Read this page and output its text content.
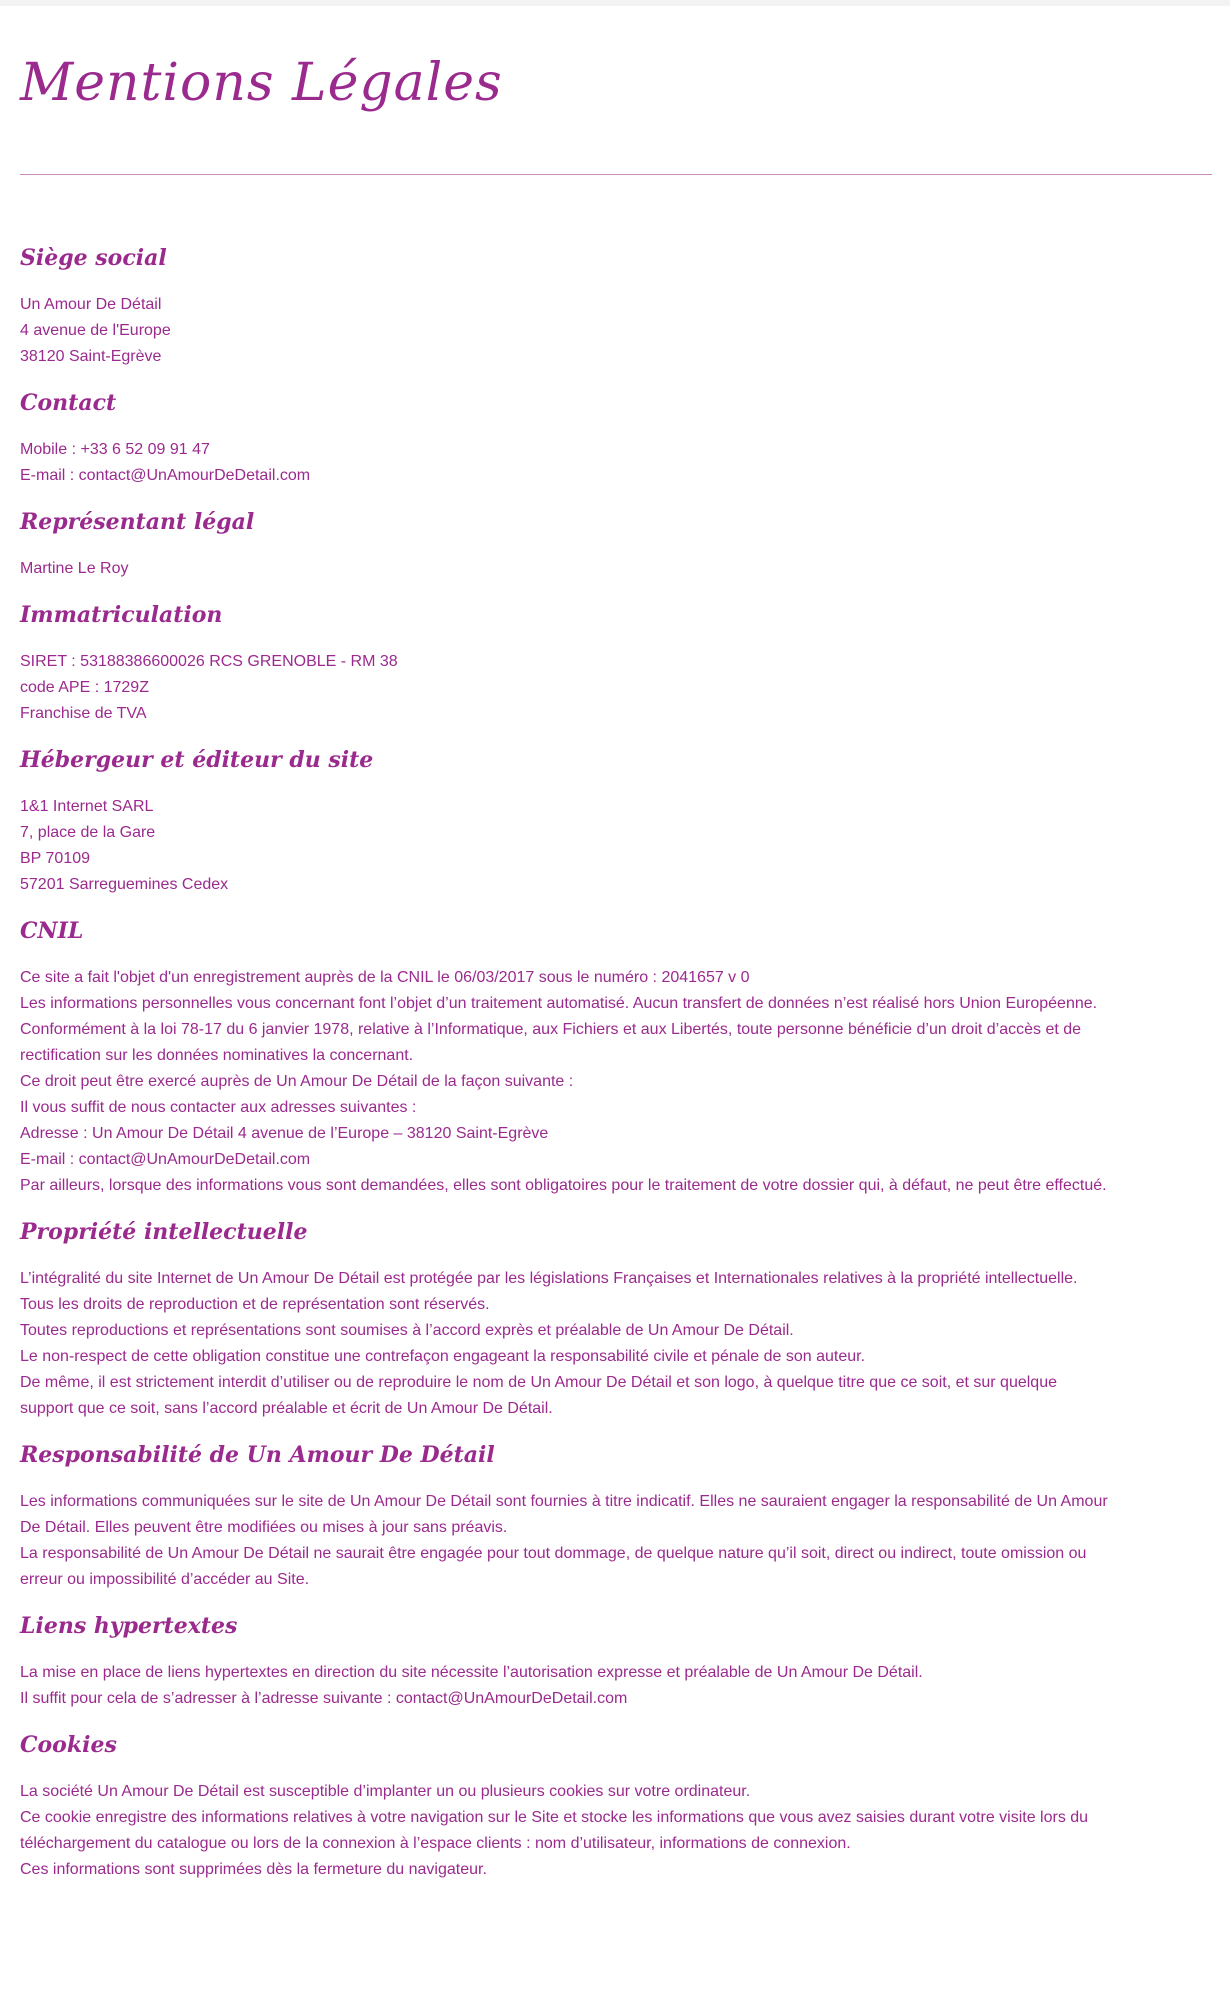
Mentions Légales
Siège social
Un Amour De Détail
4 avenue de l'Europe
38120 Saint-Egrève
Contact
Mobile : +33 6 52 09 91 47
E-mail : contact@UnAmourDeDetail.com
Représentant légal
Martine Le Roy
Immatriculation
SIRET : 53188386600026 RCS GRENOBLE - RM 38
code APE : 1729Z
Franchise de TVA
Hébergeur et éditeur du site
1&1 Internet SARL
7, place de la Gare
BP 70109
57201 Sarreguemines Cedex
CNIL
Ce site a fait l'objet d'un enregistrement auprès de la CNIL le 06/03/2017 sous le numéro : 2041657 v 0
Les informations personnelles vous concernant font l’objet d’un traitement automatisé. Aucun transfert de données n’est réalisé hors Union Européenne.
Conformément à la loi 78-17 du 6 janvier 1978, relative à l’Informatique, aux Fichiers et aux Libertés, toute personne bénéficie d’un droit d’accès et de
rectification sur les données nominatives la concernant.
Ce droit peut être exercé auprès de Un Amour De Détail de la façon suivante :
Il vous suffit de nous contacter aux adresses suivantes :
Adresse : Un Amour De Détail 4 avenue de l’Europe – 38120 Saint-Egrève
E-mail : contact@UnAmourDeDetail.com
Par ailleurs, lorsque des informations vous sont demandées, elles sont obligatoires pour le traitement de votre dossier qui, à défaut, ne peut être effectué.
Propriété intellectuelle
L’intégralité du site Internet de Un Amour De Détail est protégée par les législations Françaises et Internationales relatives à la propriété intellectuelle.
Tous les droits de reproduction et de représentation sont réservés.
Toutes reproductions et représentations sont soumises à l’accord exprès et préalable de Un Amour De Détail.
Le non-respect de cette obligation constitue une contrefaçon engageant la responsabilité civile et pénale de son auteur.
De même, il est strictement interdit d’utiliser ou de reproduire le nom de Un Amour De Détail et son logo, à quelque titre que ce soit, et sur quelque
support que ce soit, sans l’accord préalable et écrit de Un Amour De Détail.
Responsabilité de Un Amour De Détail
Les informations communiquées sur le site de Un Amour De Détail sont fournies à titre indicatif. Elles ne sauraient engager la responsabilité de Un Amour
De Détail. Elles peuvent être modifiées ou mises à jour sans préavis.
La responsabilité de Un Amour De Détail ne saurait être engagée pour tout dommage, de quelque nature qu’il soit, direct ou indirect, toute omission ou
erreur ou impossibilité d’accéder au Site.
Liens hypertextes
La mise en place de liens hypertextes en direction du site nécessite l’autorisation expresse et préalable de Un Amour De Détail.
Il suffit pour cela de s’adresser à l’adresse suivante : contact@UnAmourDeDetail.com
Cookies
La société Un Amour De Détail est susceptible d’implanter un ou plusieurs cookies sur votre ordinateur.
Ce cookie enregistre des informations relatives à votre navigation sur le Site et stocke les informations que vous avez saisies durant votre visite lors du
téléchargement du catalogue ou lors de la connexion à l’espace clients : nom d’utilisateur, informations de connexion.
Ces informations sont supprimées dès la fermeture du navigateur.
